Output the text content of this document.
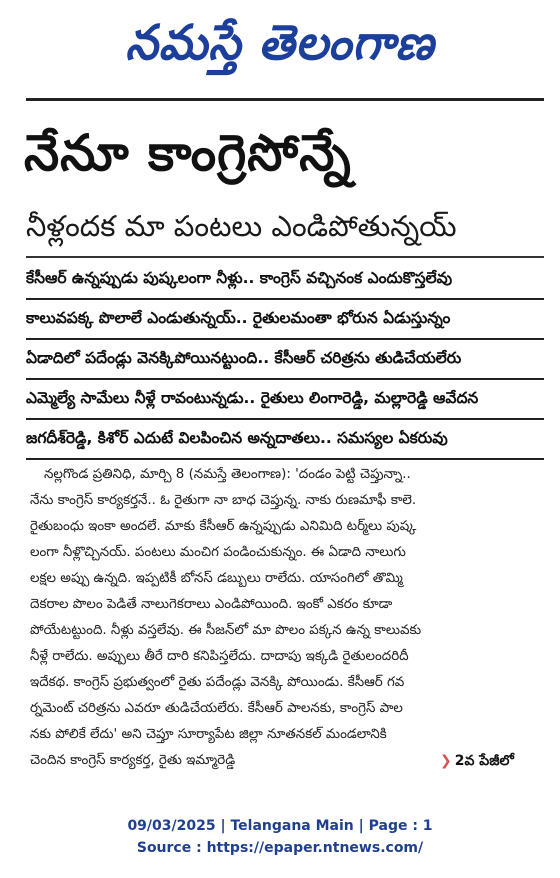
నమస్తే తెలంగాణ
నేనూ కాంగ్రెసోన్నే
నీళ్లందక మా పంటలు ఎండిపోతున్నయ్
కేసీఆర్ ఉన్నప్పుడు పుష్కలంగా నీళ్లు.. కాంగ్రెస్ వచ్చినంక ఎందుకొస్తలేవు
కాలువపక్క పొలాలే ఎండుతున్నయ్.. రైతులమంతా భోరున ఏడుస్తున్నం
ఏడాదిలో పదేండ్లు వెనక్కిపోయినట్టుంది.. కేసీఆర్ చరిత్రను తుడిచేయలేరు
ఎమ్మెల్యే సామేలు నీళ్లే రావంటున్నడు.. రైతులు లింగారెడ్డి, మల్లారెడ్డి ఆవేదన
జగదీశ్‌రెడ్డి, కిశోర్ ఎదుటే విలపించిన అన్నదాతలు.. సమస్యల ఏకరువు
నల్లగొండ ప్రతినిధి, మార్చి 8 (నమస్తే తెలంగాణ): 'దండం పెట్టి చెప్తున్నా..
నేను కాంగ్రెస్ కార్యకర్తనే.. ఓ రైతుగా నా బాధ చెప్తున్న. నాకు రుణమాఫీ కాలె.
రైతుబంధు ఇంకా అందలే. మాకు కేసీఆర్ ఉన్నప్పుడు ఎనిమిది టర్మ్‌లు పుష్క
లంగా నీళ్లొచ్చినయ్. పంటలు మంచిగ పండించుకున్నం. ఈ ఏడాది నాలుగు
లక్షల అప్పు ఉన్నది. ఇప్పటికీ బోనస్ డబ్బులు రాలేదు. యాసంగిలో తొమ్మి
దెకరాల పొలం పెడితే నాలుగెకరాలు ఎండిపోయింది. ఇంకో ఎకరం కూడా
పోయేటట్టుంది. నీళ్లు వస్తలేవు. ఈ సీజన్‌లో మా పొలం పక్కన ఉన్న కాలువకు
నీళ్లే రాలేదు. అప్పులు తీరే దారి కనిపిస్తలేదు. దాదాపు ఇక్కడి రైతులందరిదీ
ఇదేకథ. కాంగ్రెస్ ప్రభుత్వంలో రైతు పదేండ్లు వెనక్కి పోయిండు. కేసీఆర్ గవ
ర్నమెంట్ చరిత్రను ఎవరూ తుడిచేయలేరు. కేసీఆర్ పాలనకు, కాంగ్రెస్ పాల
నకు పోలికే లేదు' అని చెప్తూ సూర్యాపేట జిల్లా నూతనకల్ మండలానికి
చెందిన కాంగ్రెస్ కార్యకర్త, రైతు ఇమ్మారెడ్డి	❯ 2వ పేజీలో
09/03/2025 | Telangana Main | Page : 1
Source : https://epaper.ntnews.com/
